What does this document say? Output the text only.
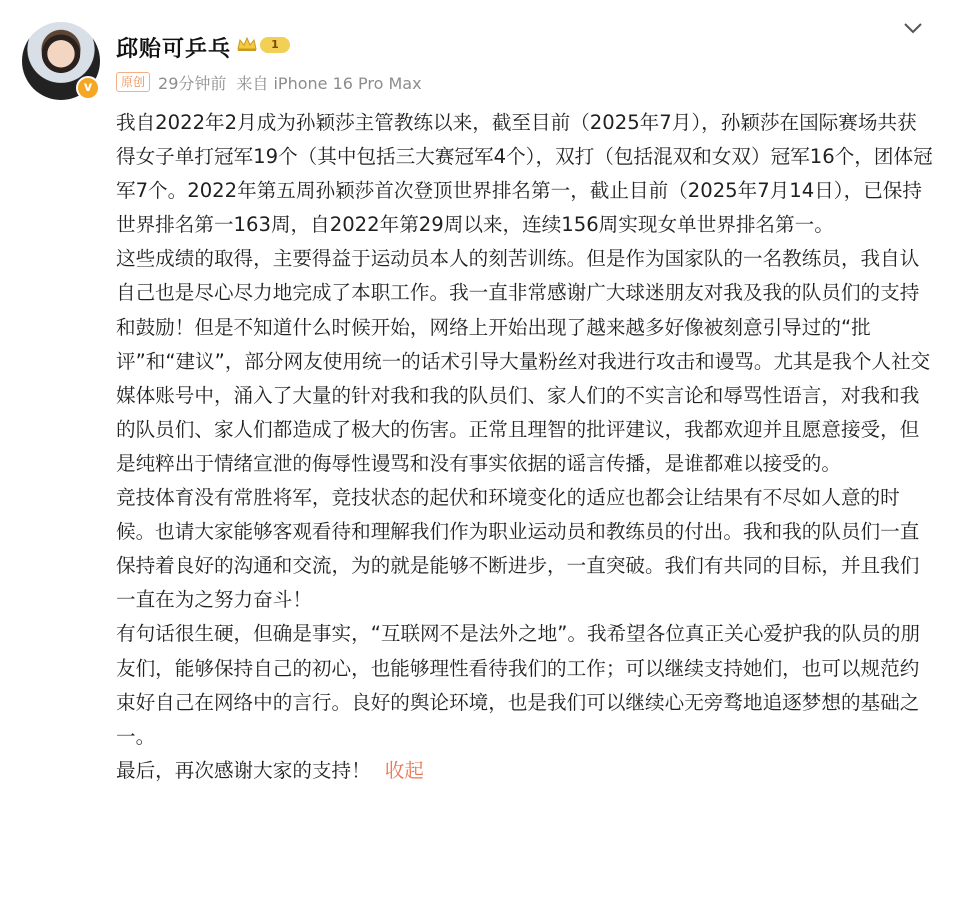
v
邱贻可乒乓	1
原创 29分钟前 来自 iPhone 16 Pro Max

我自2022年2月成为孙颖莎主管教练以来，截至目前（2025年7月），孙颖莎在国际赛场共获得女子单打冠军19个（其中包括三大赛冠军4个），双打（包括混双和女双）冠军16个，团体冠军7个。2022年第五周孙颖莎首次登顶世界排名第一，截止目前（2025年7月14日），已保持世界排名第一163周，自2022年第29周以来，连续156周实现女单世界排名第一。

这些成绩的取得，主要得益于运动员本人的刻苦训练。但是作为国家队的一名教练员，我自认自己也是尽心尽力地完成了本职工作。我一直非常感谢广大球迷朋友对我及我的队员们的支持和鼓励！但是不知道什么时候开始，网络上开始出现了越来越多好像被刻意引导过的“批评”和“建议”，部分网友使用统一的话术引导大量粉丝对我进行攻击和谩骂。尤其是我个人社交媒体账号中，涌入了大量的针对我和我的队员们、家人们的不实言论和辱骂性语言，对我和我的队员们、家人们都造成了极大的伤害。正常且理智的批评建议，我都欢迎并且愿意接受，但是纯粹出于情绪宣泄的侮辱性谩骂和没有事实依据的谣言传播，是谁都难以接受的。

竞技体育没有常胜将军，竞技状态的起伏和环境变化的适应也都会让结果有不尽如人意的时候。也请大家能够客观看待和理解我们作为职业运动员和教练员的付出。我和我的队员们一直保持着良好的沟通和交流，为的就是能够不断进步，一直突破。我们有共同的目标，并且我们一直在为之努力奋斗！

有句话很生硬，但确是事实，“互联网不是法外之地”。我希望各位真正关心爱护我的队员的朋友们，能够保持自己的初心，也能够理性看待我们的工作；可以继续支持她们，也可以规范约束好自己在网络中的言行。良好的舆论环境，也是我们可以继续心无旁骛地追逐梦想的基础之一。

最后，再次感谢大家的支持！ 收起
